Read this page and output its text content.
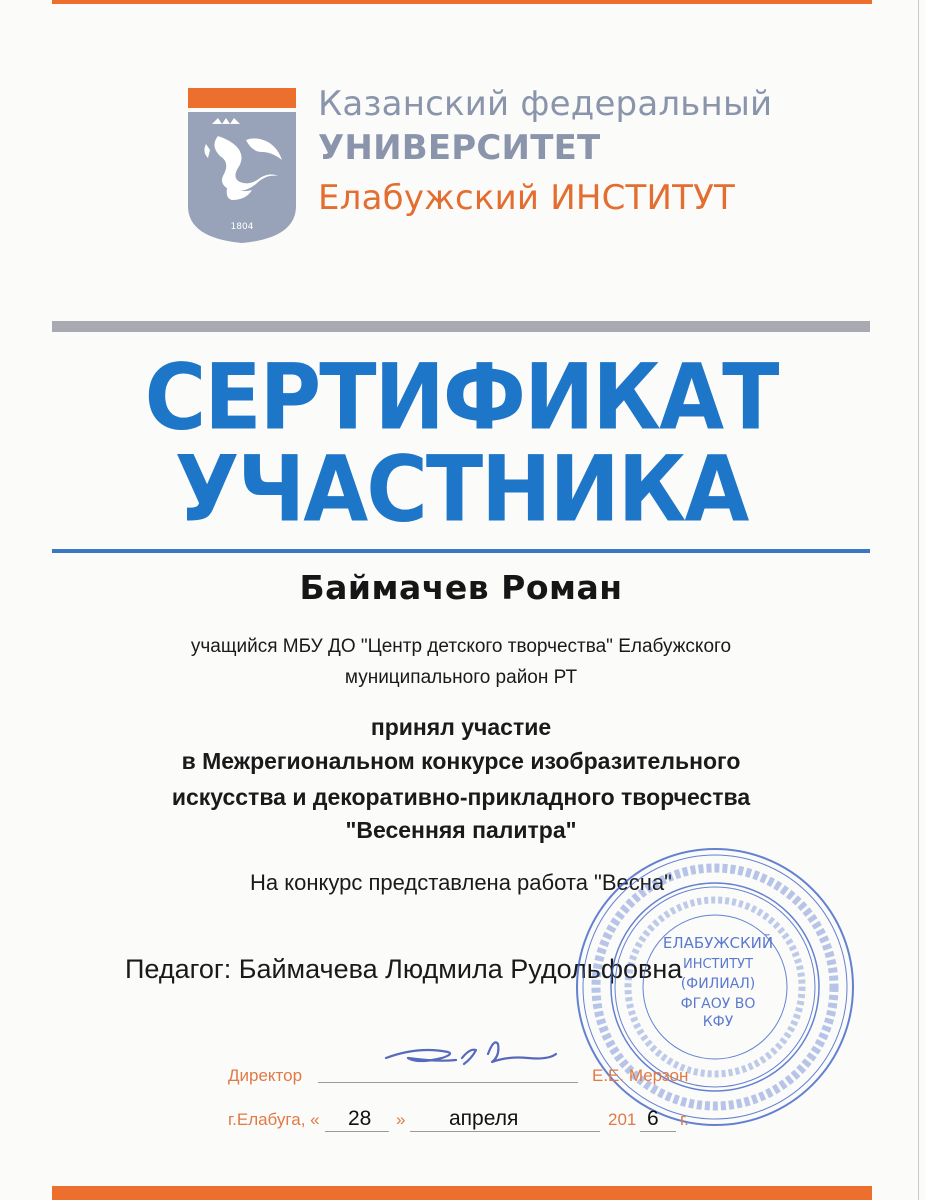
1804
Казанский федеральный
УНИВЕРСИТЕТ
Елабужский ИНСТИТУТ
СЕРТИФИКАТ
УЧАСТНИКА
Баймачев Роман
учащийся МБУ ДО "Центр детского творчества" Елабужского
муниципального район РТ
принял участие
в Межрегиональном конкурсе изобразительного
искусства и декоративно-прикладного творчества
"Весенняя палитра"
На конкурс представлена работа "Весна"
Педагог: Баймачева Людмила Рудольфовна
ЕЛАБУЖСКИЙ
ИНСТИТУТ
(ФИЛИАЛ)
ФГАОУ ВО
КФУ
Директор	Е.Е. Мерзон
г.Елабуга, « 28 » апреля	201 6 г.
